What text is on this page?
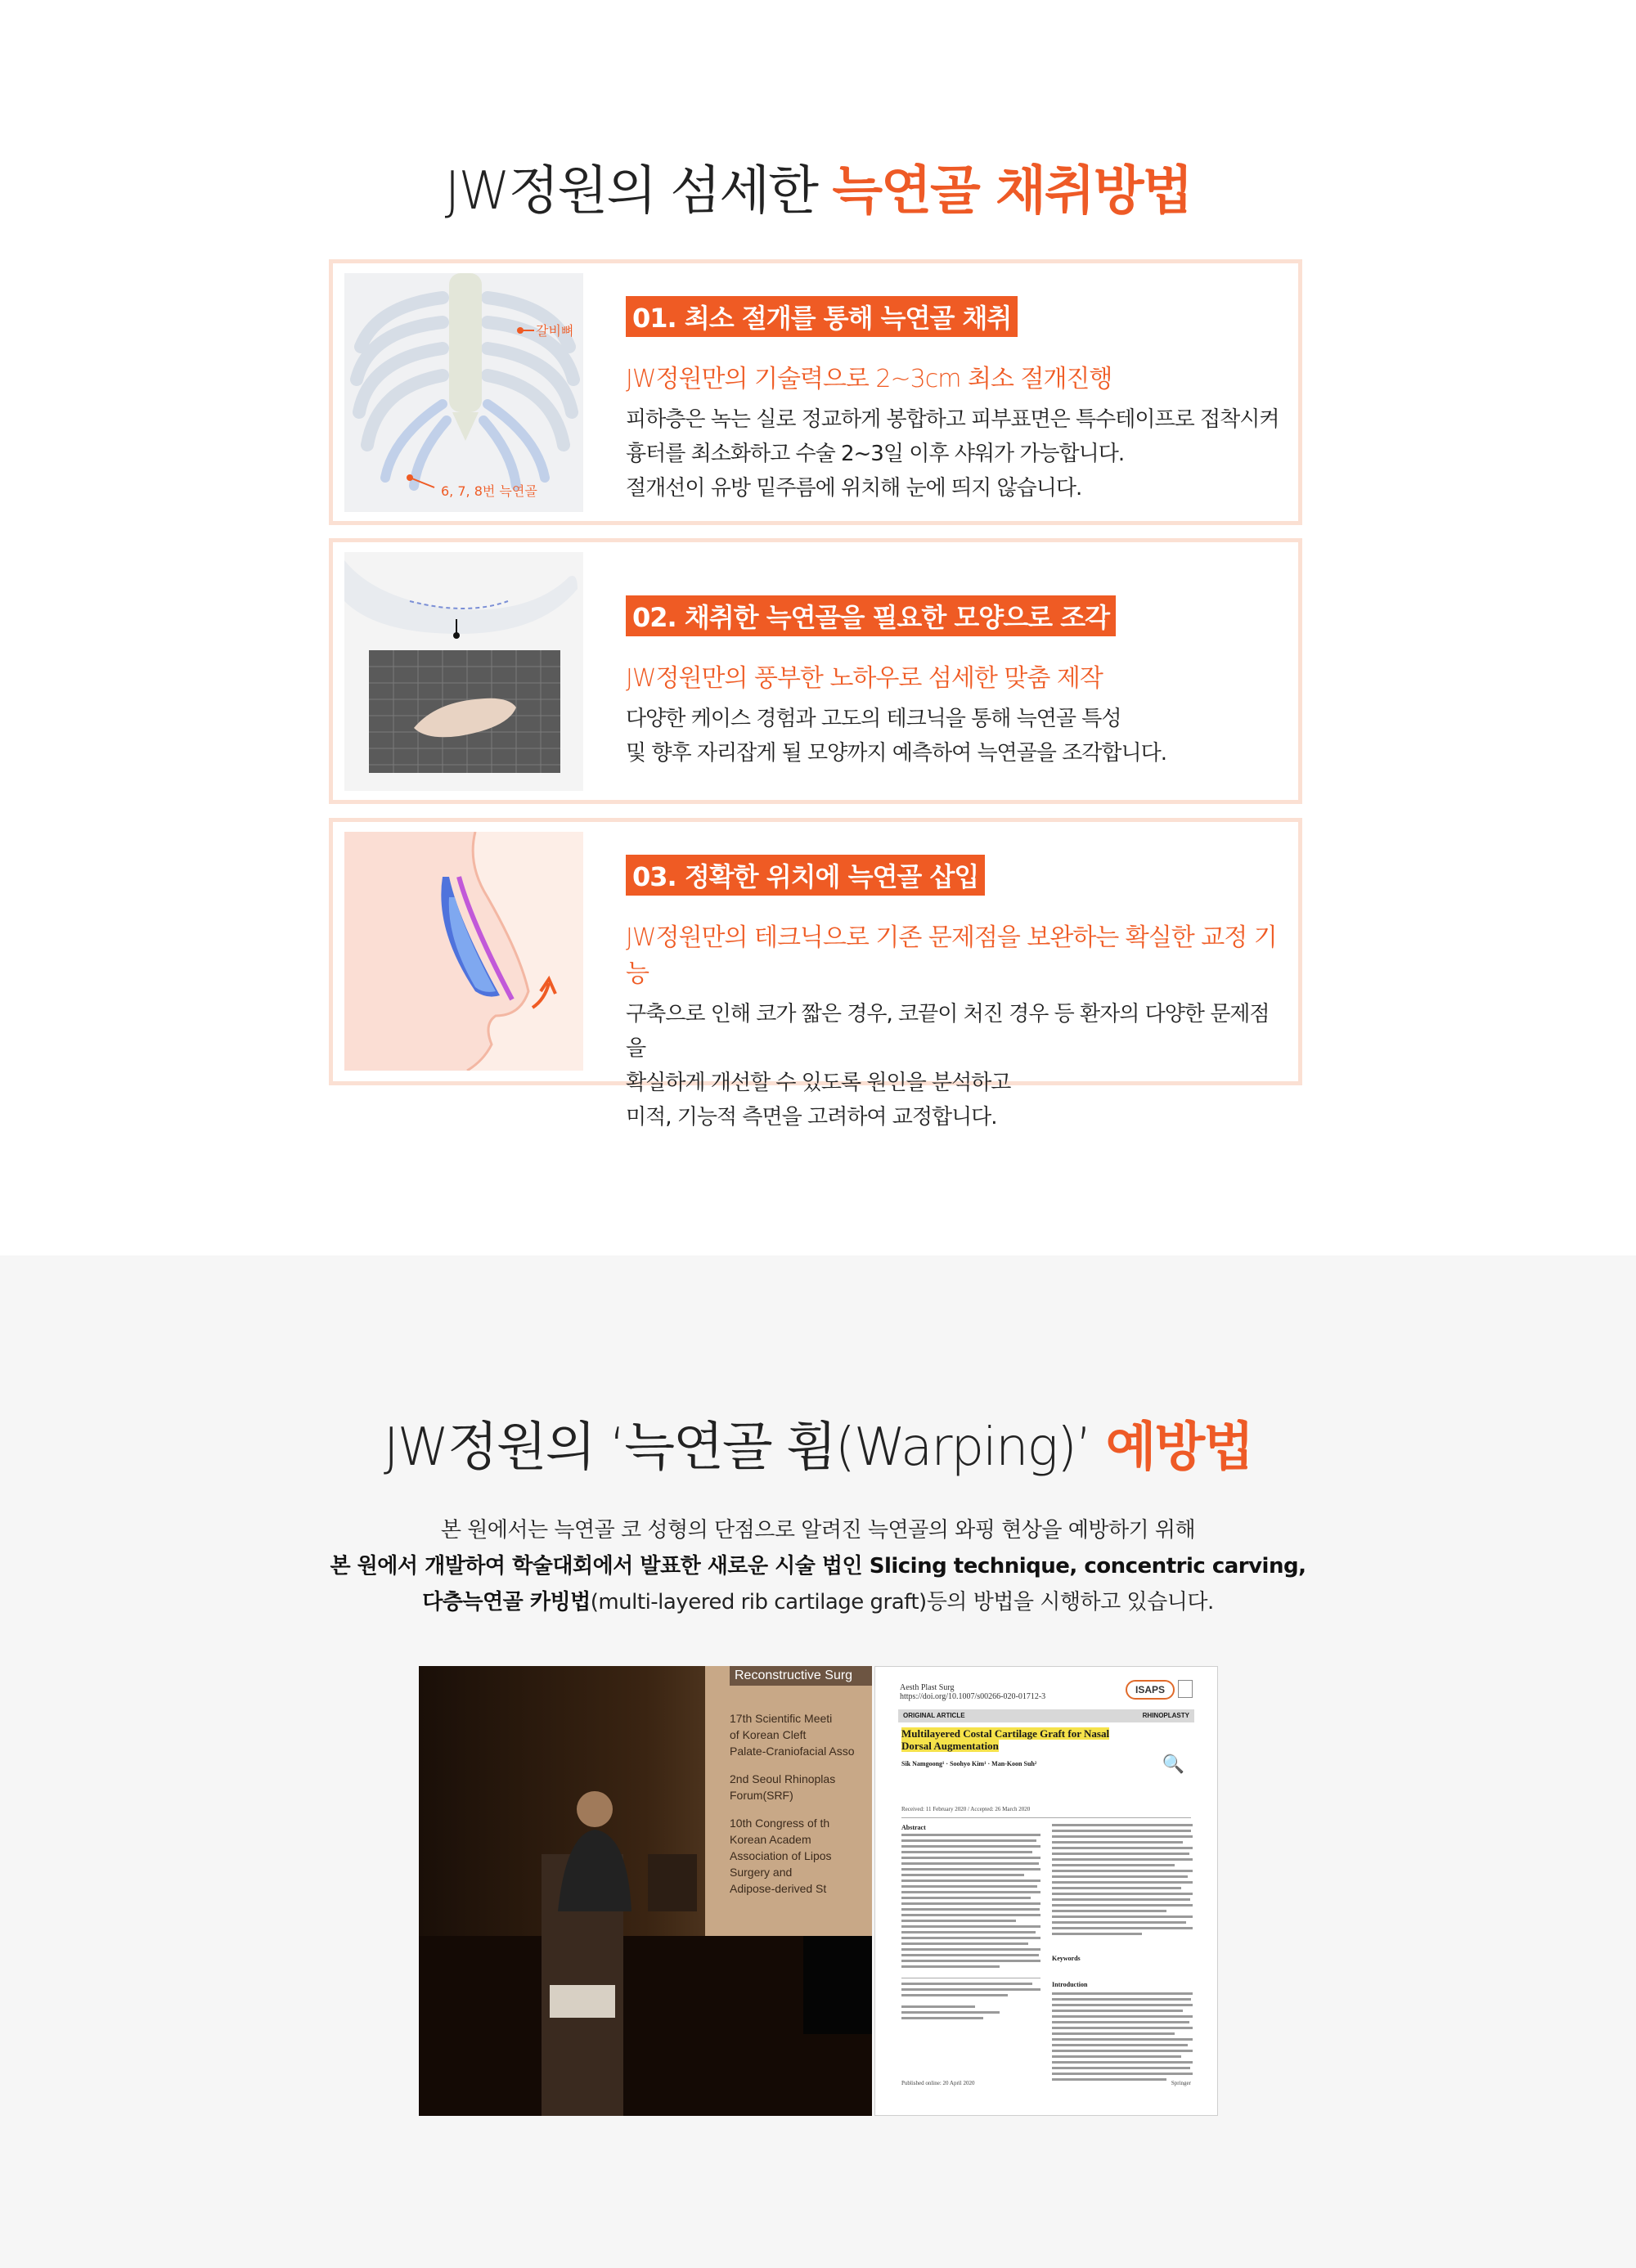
JW정원의 섬세한 늑연골 채취방법
갈비뼈
6, 7, 8번 늑연골
01. 최소 절개를 통해 늑연골 채취
JW정원만의 기술력으로 2~3cm 최소 절개진행
피하층은 녹는 실로 정교하게 봉합하고 피부표면은 특수테이프로 접착시켜
흉터를 최소화하고 수술 2~3일 이후 샤워가 가능합니다.
절개선이 유방 밑주름에 위치해 눈에 띄지 않습니다.
02. 채취한 늑연골을 필요한 모양으로 조각
JW정원만의 풍부한 노하우로 섬세한 맞춤 제작
다양한 케이스 경험과 고도의 테크닉을 통해 늑연골 특성
및 향후 자리잡게 될 모양까지 예측하여 늑연골을 조각합니다.
03. 정확한 위치에 늑연골 삽입
JW정원만의 테크닉으로 기존 문제점을 보완하는 확실한 교정 기능
구축으로 인해 코가 짧은 경우, 코끝이 처진 경우 등 환자의 다양한 문제점을
확실하게 개선할 수 있도록 원인을 분석하고
미적, 기능적 측면을 고려하여 교정합니다.
JW정원의 ‘늑연골 휨(Warping)’ 예방법
본 원에서는 늑연골 코 성형의 단점으로 알려진 늑연골의 와핑 현상을 예방하기 위해
본 원에서 개발하여 학술대회에서 발표한 새로운 시술 법인 Slicing technique, concentric carving,
다층늑연골 카빙법(multi-layered rib cartilage graft)등의 방법을 시행하고 있습니다.
Reconstructive Surg
17th Scientific Meeti
of Korean Cleft
Palate-Craniofacial Asso
2nd Seoul Rhinoplas
Forum(SRF)
10th Congress of th
Korean Academ
Association of Lipos
Surgery and
Adipose-derived St
Aesth Plast Surg
https://doi.org/10.1007/s00266-020-01712-3
ISAPS
ORIGINAL ARTICLE	RHINOPLASTY
Multilayered Costal Cartilage Graft for Nasal Dorsal Augmentation
Sik Namgoong¹ · Soohyo Kim¹ · Man-Koon Suh²	🔍
Received: 11 February 2020 / Accepted: 26 March 2020
Abstract
Keywords
Introduction
Published online: 20 April 2020	Springer
